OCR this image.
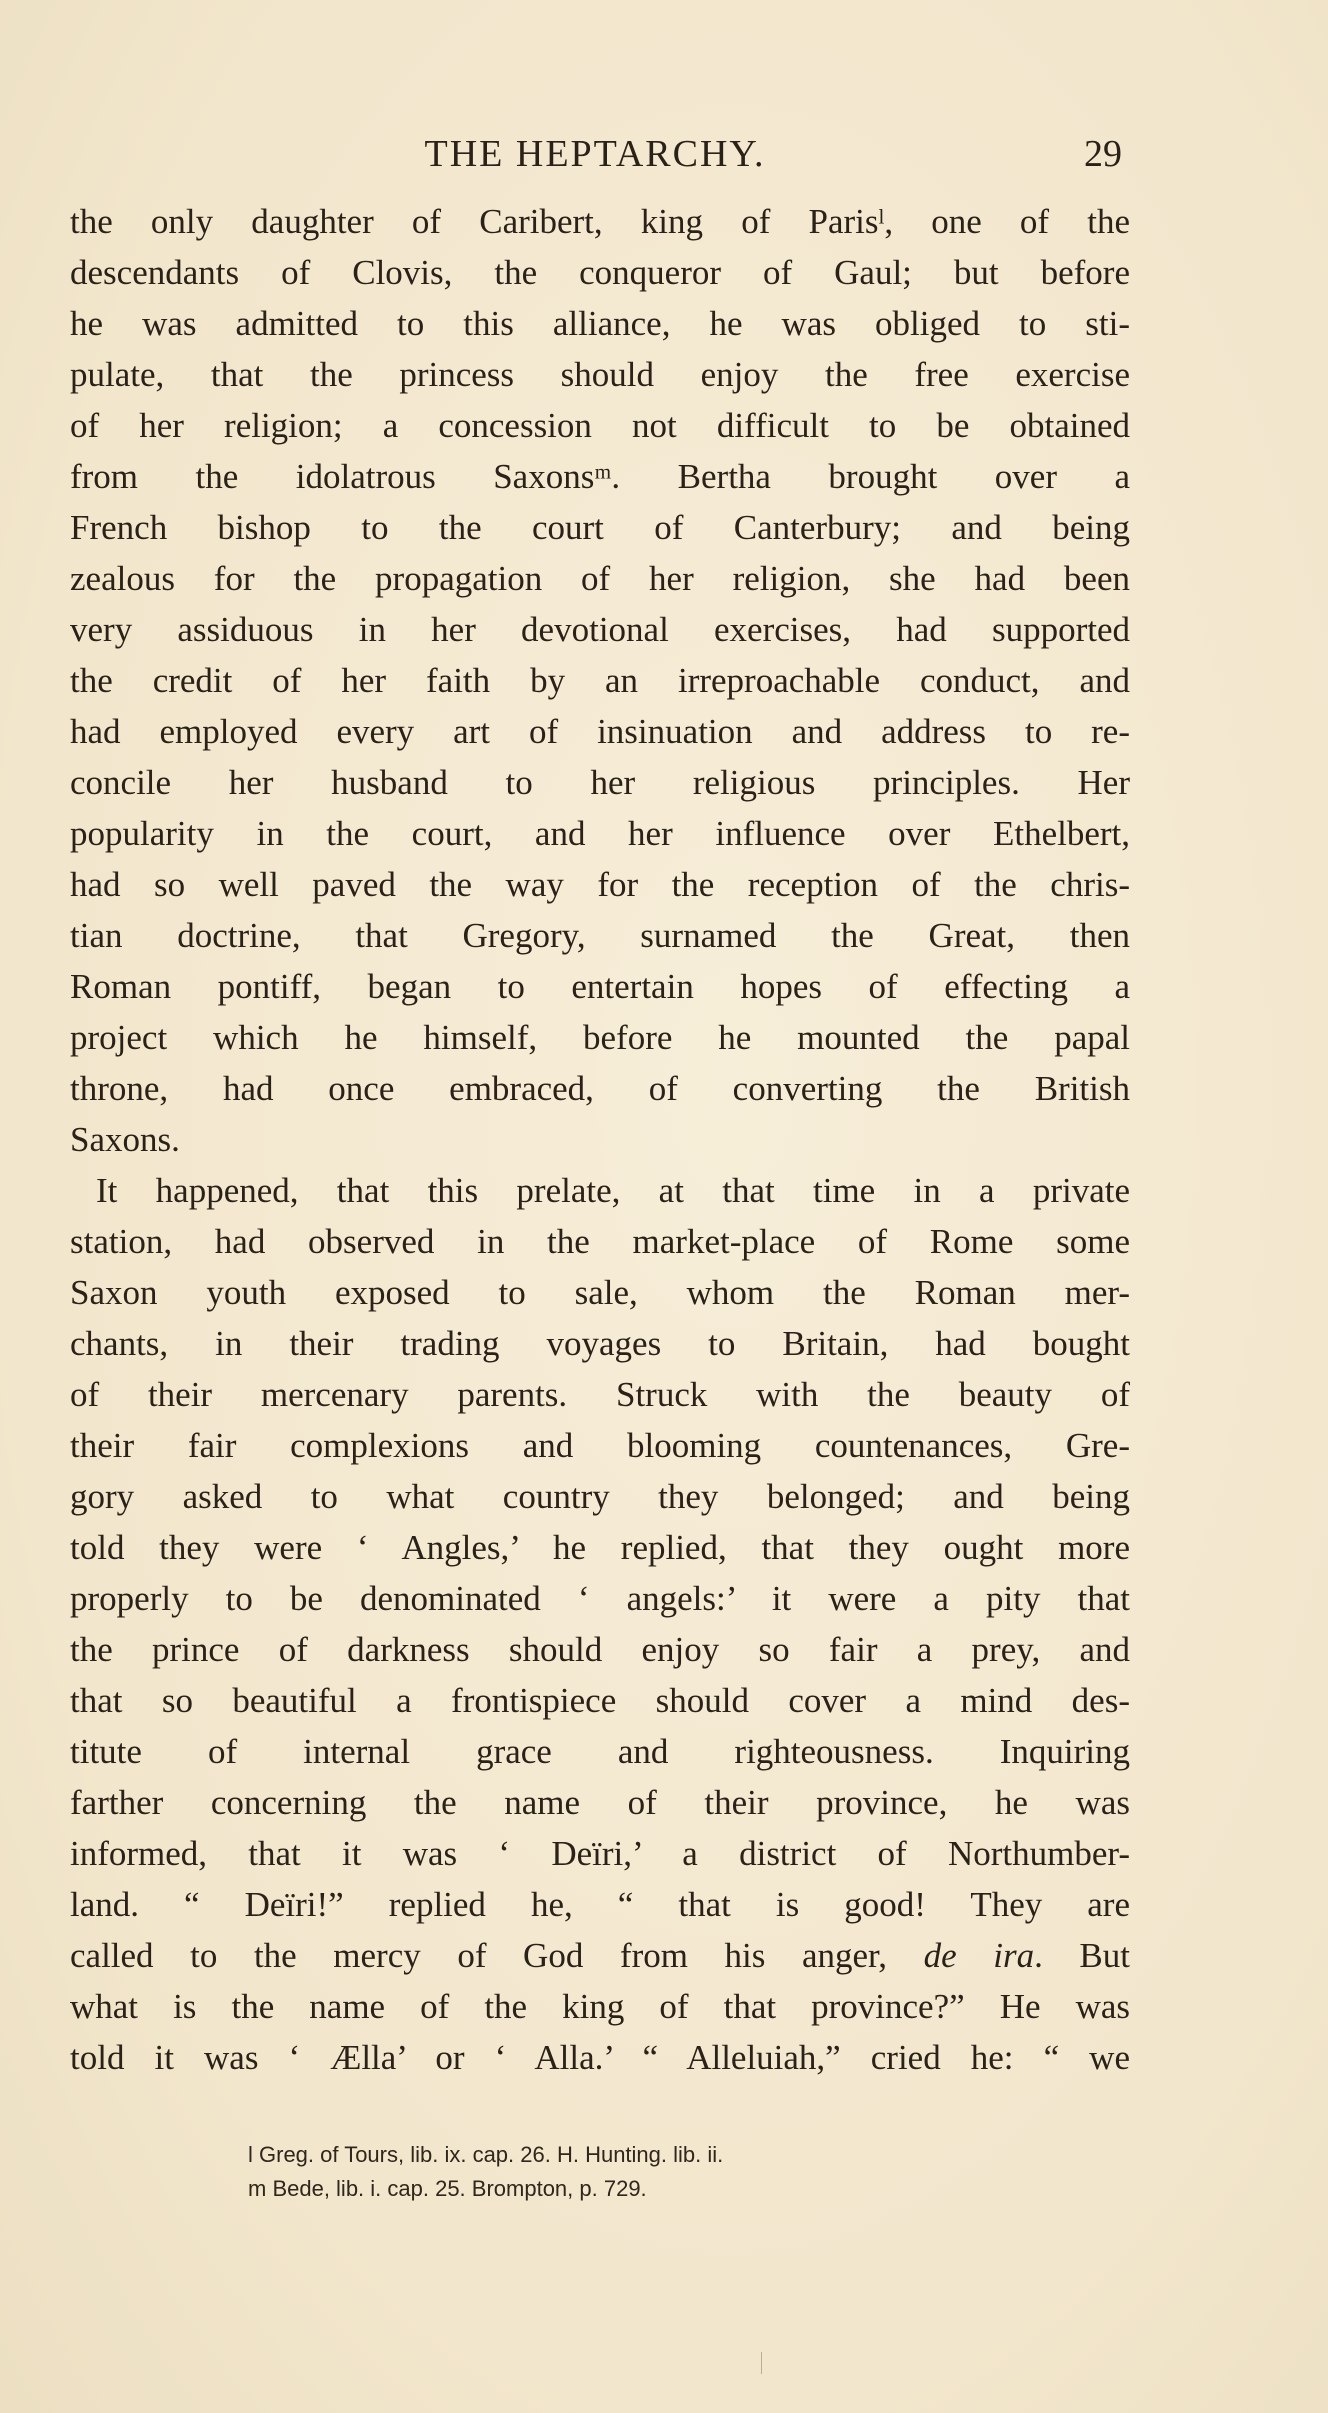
THE HEPTARCHY.	29
the only daughter of Caribert, king of Parisˡ, one of the
descendants of Clovis, the conqueror of Gaul; but before
he was admitted to this alliance, he was obliged to sti-
pulate, that the princess should enjoy the free exercise
of her religion; a concession not difficult to be obtained
from the idolatrous Saxonsᵐ. Bertha brought over a
French bishop to the court of Canterbury; and being
zealous for the propagation of her religion, she had been
very assiduous in her devotional exercises, had supported
the credit of her faith by an irreproachable conduct, and
had employed every art of insinuation and address to re-
concile her husband to her religious principles. Her
popularity in the court, and her influence over Ethelbert,
had so well paved the way for the reception of the chris-
tian doctrine, that Gregory, surnamed the Great, then
Roman pontiff, began to entertain hopes of effecting a
project which he himself, before he mounted the papal
throne, had once embraced, of converting the British
Saxons.
It happened, that this prelate, at that time in a private
station, had observed in the market-place of Rome some
Saxon youth exposed to sale, whom the Roman mer-
chants, in their trading voyages to Britain, had bought
of their mercenary parents. Struck with the beauty of
their fair complexions and blooming countenances, Gre-
gory asked to what country they belonged; and being
told they were ‘ Angles,’ he replied, that they ought more
properly to be denominated ‘ angels:’ it were a pity that
the prince of darkness should enjoy so fair a prey, and
that so beautiful a frontispiece should cover a mind des-
titute of internal grace and righteousness. Inquiring
farther concerning the name of their province, he was
informed, that it was ‘ Deïri,’ a district of Northumber-
land. “ Deïri!” replied he, “ that is good! They are
called to the mercy of God from his anger, de ira. But
what is the name of the king of that province?” He was
told it was ‘ Ælla’ or ‘ Alla.’ “ Alleluiah,” cried he: “ we
l Greg. of Tours, lib. ix. cap. 26. H. Hunting. lib. ii.
m Bede, lib. i. cap. 25. Brompton, p. 729.
